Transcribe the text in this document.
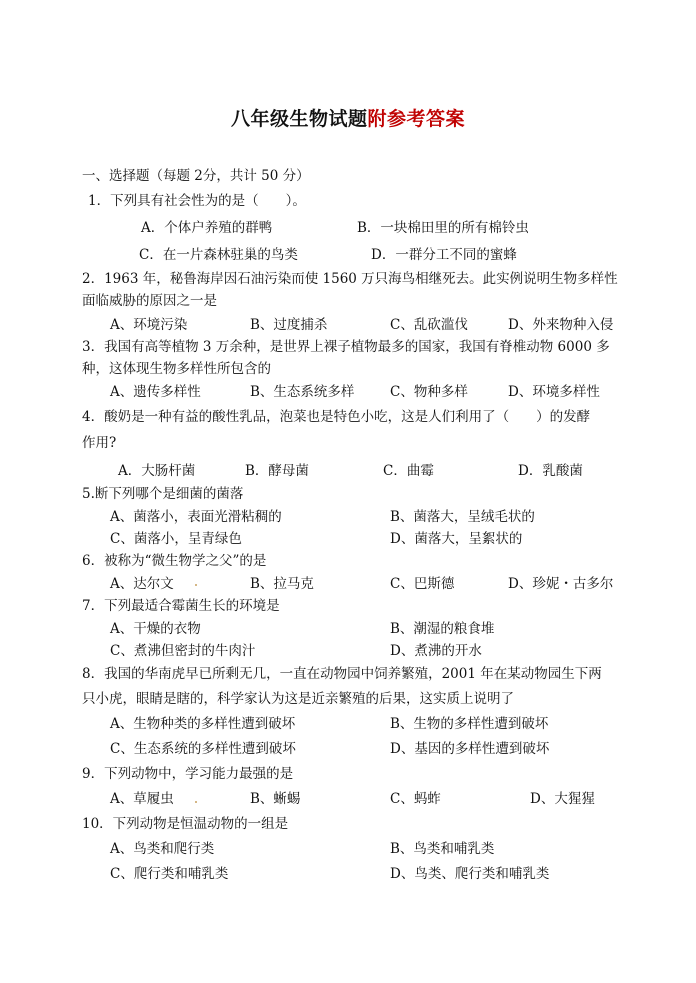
八年级生物试题附参考答案
一、选择题（每题 2分，共计 50 分）
1．下列具有社会性为的是（　　）。
A．个体户养殖的群鸭	B．一块棉田里的所有棉铃虫
C．在一片森林驻巢的鸟类	D．一群分工不同的蜜蜂
2．1963 年，秘鲁海岸因石油污染而使 1560 万只海鸟相继死去。此实例说明生物多样性
面临威胁的原因之一是
A、环境污染	B、过度捕杀	C、乱砍滥伐	D、外来物种入侵
3．我国有高等植物 3 万余种，是世界上裸子植物最多的国家，我国有脊椎动物 6000 多
种，这体现生物多样性所包含的
A、遗传多样性	B、生态系统多样	C、物种多样	D、环境多样性
4．酸奶是一种有益的酸性乳品，泡菜也是特色小吃，这是人们利用了（　　）的发酵
作用?
A．大肠杆菌	B．酵母菌	C．曲霉	D．乳酸菌
5.断下列哪个是细菌的菌落
A、菌落小，表面光滑粘稠的	B、菌落大，呈绒毛状的
C、菌落小，呈青绿色	D、菌落大，呈絮状的
6．被称为“微生物学之父”的是
A、达尔文	B、拉马克	C、巴斯德	D、珍妮・古多尔
7．下列最适合霉菌生长的环境是
A、干燥的衣物	B、潮湿的粮食堆
C、煮沸但密封的牛肉汁	D、煮沸的开水
8．我国的华南虎早已所剩无几，一直在动物园中饲养繁殖，2001 年在某动物园生下两
只小虎，眼睛是瞎的，科学家认为这是近亲繁殖的后果，这实质上说明了
A、生物种类的多样性遭到破坏	B、生物的多样性遭到破坏
C、生态系统的多样性遭到破坏	D、基因的多样性遭到破坏
9．下列动物中，学习能力最强的是
A、草履虫	B、蜥蜴	C、蚂蚱	D、大猩猩
10．下列动物是恒温动物的一组是
A、鸟类和爬行类	B、鸟类和哺乳类
C、爬行类和哺乳类	D、鸟类、爬行类和哺乳类
